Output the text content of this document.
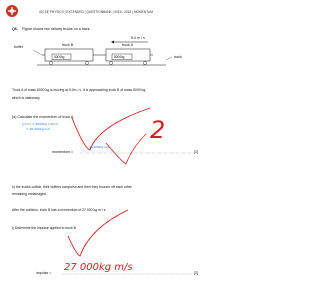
IGCSE PHYSICS | EXTENDED | QUESTIONBANK | 0016 - 2018 | MOMENTUM
Q6. Figure shows two railway trucks on a track.
5.0 m / s
truck B	truck A
5000kg	8000kg
buffer
track
Truck A of mass 8000 kg is moving at 5.0m / s. It is approaching truck B of mass 5000 kg,
which is stationary.
(a) Calculate the momentum of truck A.
p=mv = 8000kg x 5m/s
= 40 000kg m/s	2
momentum =
40 000kg m/s
[2]
b) the trucks collide, their buffers compress and then they bounce off each other,
remaining undamaged.
After the collision, truck B has a momentum of 27 000 kg m / s.
i) Determine the impulse applied to truck B.
impulse = 27 000kg m/s	[2]
